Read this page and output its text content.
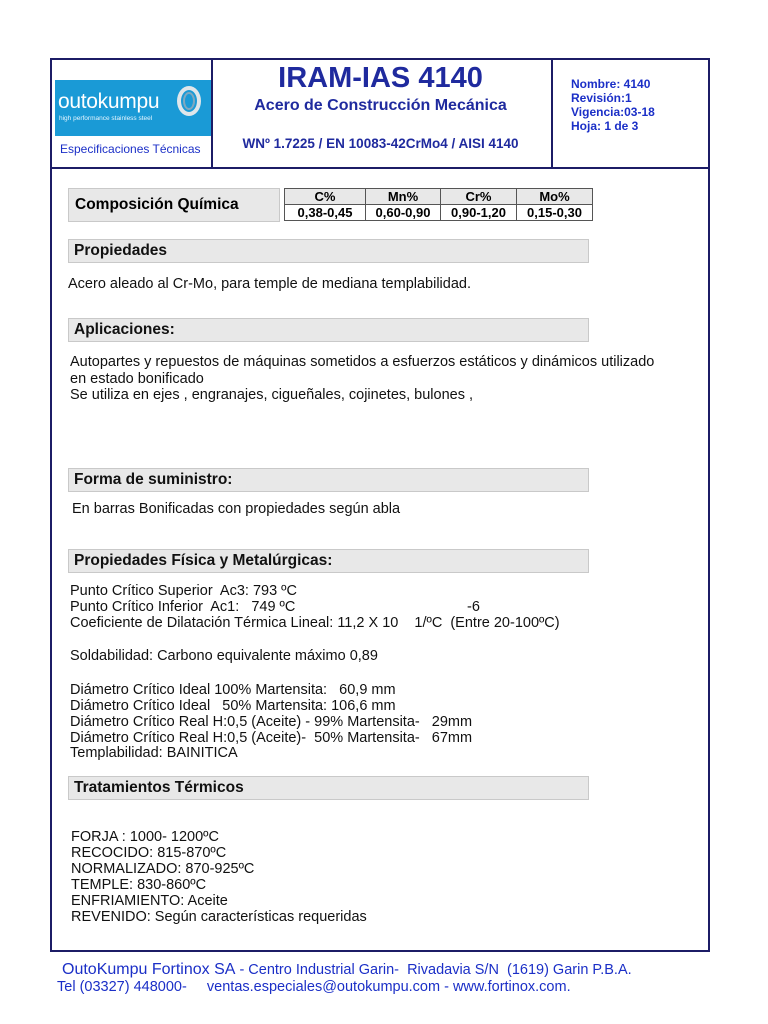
outokumpu
high performance stainless steel
Especificaciones Técnicas
IRAM-IAS 4140
Acero de Construcción Mecánica
WNº 1.7225 / EN 10083-42CrMo4 / AISI 4140
Nombre: 4140
Revisión:1
Vigencia:03-18
Hoja: 1 de 3
Composición Química	C%	Mn%	Cr%	Mo%
0,38-0,45	0,60-0,90	0,90-1,20	0,15-0,30
Propiedades
Acero aleado al Cr-Mo, para temple de mediana templabilidad.
Aplicaciones:
Autopartes y repuestos de máquinas sometidos a esfuerzos estáticos y dinámicos utilizado
en estado bonificado
Se utiliza en ejes , engranajes, cigueñales, cojinetes, bulones ,
Forma de suministro:
En barras Bonificadas con propiedades según abla
Propiedades Física y Metalúrgicas:
Punto Crítico Superior  Ac3: 793 ºC
Punto Crítico Inferior  Ac1:   749 ºC	-6
Coeficiente de Dilatación Térmica Lineal: 11,2 X 10    1/ºC  (Entre 20-100ºC)
Soldabilidad: Carbono equivalente máximo 0,89
Diámetro Crítico Ideal 100% Martensita:   60,9 mm
Diámetro Crítico Ideal   50% Martensita: 106,6 mm
Diámetro Crítico Real H:0,5 (Aceite) - 99% Martensita-   29mm
Diámetro Crítico Real H:0,5 (Aceite)-  50% Martensita-   67mm
Templabilidad: BAINITICA
Tratamientos Térmicos
FORJA : 1000- 1200ºC
RECOCIDO: 815-870ºC
NORMALIZADO: 870-925ºC
TEMPLE: 830-860ºC
ENFRIAMIENTO: Aceite
REVENIDO: Según características requeridas
OutoKumpu Fortinox SA - Centro Industrial Garin-  Rivadavia S/N  (1619) Garin P.B.A.
Tel (03327) 448000-     ventas.especiales@outokumpu.com - www.fortinox.com.
